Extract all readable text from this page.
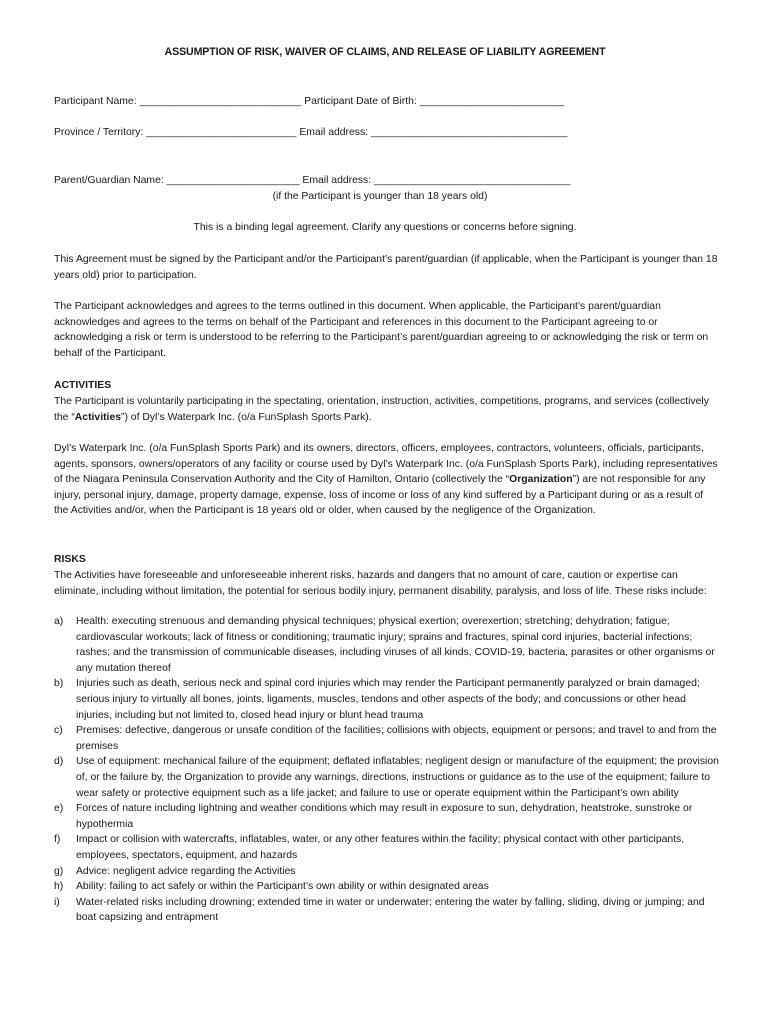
ASSUMPTION OF RISK, WAIVER OF CLAIMS, AND RELEASE OF LIABILITY AGREEMENT
Participant Name: ____________________________ Participant Date of Birth: _________________________
Province / Territory: __________________________ Email address: __________________________________
Parent/Guardian Name: _______________________ Email address: __________________________________
(if the Participant is younger than 18 years old)
This is a binding legal agreement. Clarify any questions or concerns before signing.
This Agreement must be signed by the Participant and/or the Participant’s parent/guardian (if applicable, when the Participant is younger than 18 years old) prior to participation.
The Participant acknowledges and agrees to the terms outlined in this document. When applicable, the Participant’s parent/guardian acknowledges and agrees to the terms on behalf of the Participant and references in this document to the Participant agreeing to or acknowledging a risk or term is understood to be referring to the Participant’s parent/guardian agreeing to or acknowledging the risk or term on behalf of the Participant.
ACTIVITIES
The Participant is voluntarily participating in the spectating, orientation, instruction, activities, competitions, programs, and services (collectively the “Activities”) of Dyl’s Waterpark Inc. (o/a FunSplash Sports Park).
Dyl’s Waterpark Inc. (o/a FunSplash Sports Park) and its owners, directors, officers, employees, contractors, volunteers, officials, participants, agents, sponsors, owners/operators of any facility or course used by Dyl’s Waterpark Inc. (o/a FunSplash Sports Park), including representatives of the Niagara Peninsula Conservation Authority and the City of Hamilton, Ontario (collectively the “Organization”) are not responsible for any injury, personal injury, damage, property damage, expense, loss of income or loss of any kind suffered by a Participant during or as a result of the Activities and/or, when the Participant is 18 years old or older, when caused by the negligence of the Organization.
RISKS
The Activities have foreseeable and unforeseeable inherent risks, hazards and dangers that no amount of care, caution or expertise can eliminate, including without limitation, the potential for serious bodily injury, permanent disability, paralysis, and loss of life. These risks include:
a) Health: executing strenuous and demanding physical techniques; physical exertion; overexertion; stretching; dehydration; fatigue; cardiovascular workouts; lack of fitness or conditioning; traumatic injury; sprains and fractures, spinal cord injuries, bacterial infections; rashes; and the transmission of communicable diseases, including viruses of all kinds, COVID-19, bacteria, parasites or other organisms or any mutation thereof
b) Injuries such as death, serious neck and spinal cord injuries which may render the Participant permanently paralyzed or brain damaged; serious injury to virtually all bones, joints, ligaments, muscles, tendons and other aspects of the body; and concussions or other head injuries, including but not limited to, closed head injury or blunt head trauma
c) Premises: defective, dangerous or unsafe condition of the facilities; collisions with objects, equipment or persons; and travel to and from the premises
d) Use of equipment: mechanical failure of the equipment; deflated inflatables; negligent design or manufacture of the equipment; the provision of, or the failure by, the Organization to provide any warnings, directions, instructions or guidance as to the use of the equipment; failure to wear safety or protective equipment such as a life jacket; and failure to use or operate equipment within the Participant’s own ability
e) Forces of nature including lightning and weather conditions which may result in exposure to sun, dehydration, heatstroke, sunstroke or hypothermia
f) Impact or collision with watercrafts, inflatables, water, or any other features within the facility; physical contact with other participants, employees, spectators, equipment, and hazards
g) Advice: negligent advice regarding the Activities
h) Ability: failing to act safely or within the Participant’s own ability or within designated areas
i) Water-related risks including drowning; extended time in water or underwater; entering the water by falling, sliding, diving or jumping; and boat capsizing and entrapment
